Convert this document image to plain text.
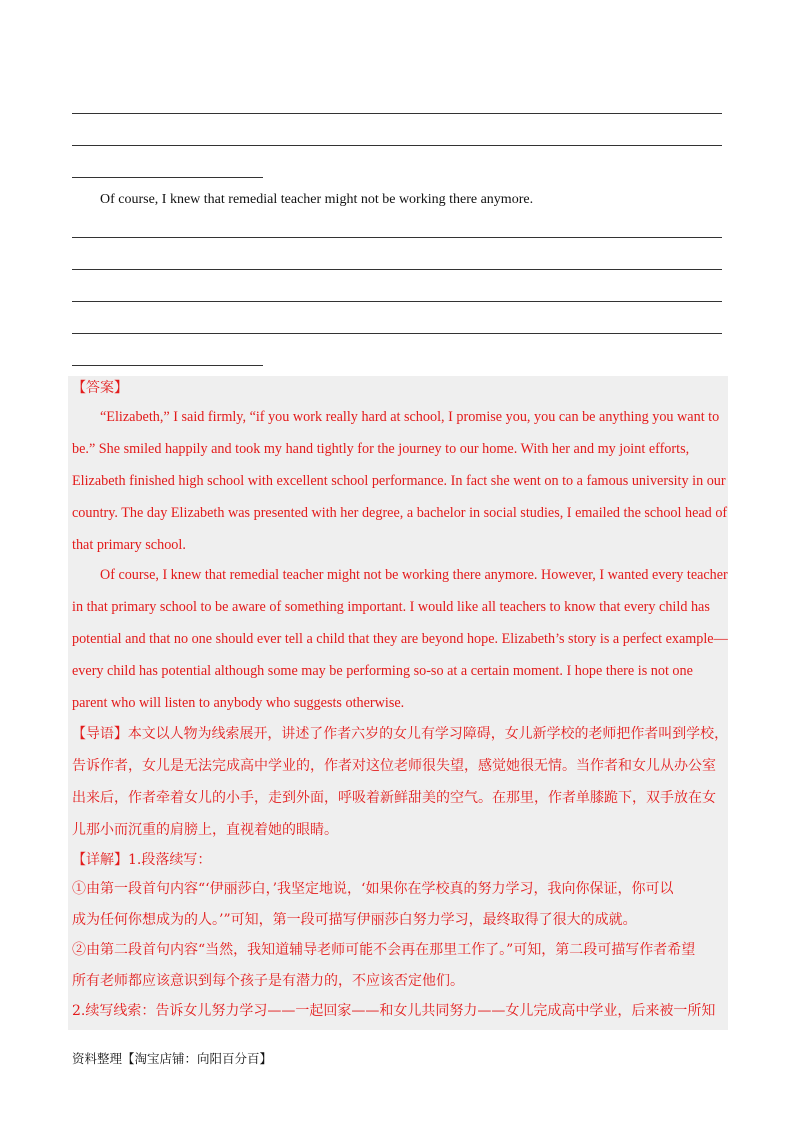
Of course, I knew that remedial teacher might not be working there anymore.
【答案】
“Elizabeth,” I said firmly, “if you work really hard at school, I promise you, you can be anything you want to
be.” She smiled happily and took my hand tightly for the journey to our home. With her and my joint efforts,
Elizabeth finished high school with excellent school performance. In fact she went on to a famous university in our
country. The day Elizabeth was presented with her degree, a bachelor in social studies, I emailed the school head of
that primary school.
Of course, I knew that remedial teacher might not be working there anymore. However, I wanted every teacher
in that primary school to be aware of something important. I would like all teachers to know that every child has
potential and that no one should ever tell a child that they are beyond hope. Elizabeth’s story is a perfect example—
every child has potential although some may be performing so-so at a certain moment. I hope there is not one
parent who will listen to anybody who suggests otherwise.
【导语】本文以人物为线索展开，讲述了作者六岁的女儿有学习障碍，女儿新学校的老师把作者叫到学校，
告诉作者，女儿是无法完成高中学业的，作者对这位老师很失望，感觉她很无情。当作者和女儿从办公室
出来后，作者牵着女儿的小手，走到外面，呼吸着新鲜甜美的空气。在那里，作者单膝跪下，双手放在女
儿那小而沉重的肩膀上，直视着她的眼睛。
【详解】1.段落续写：
①由第一段首句内容“‘伊丽莎白，’我坚定地说，‘如果你在学校真的努力学习，我向你保证，你可以
成为任何你想成为的人。’”可知，第一段可描写伊丽莎白努力学习，最终取得了很大的成就。
②由第二段首句内容“当然，我知道辅导老师可能不会再在那里工作了。”可知，第二段可描写作者希望
所有老师都应该意识到每个孩子是有潜力的，不应该否定他们。
2.续写线索：告诉女儿努力学习——一起回家——和女儿共同努力——女儿完成高中学业，后来被一所知
资料整理【淘宝店铺：向阳百分百】
